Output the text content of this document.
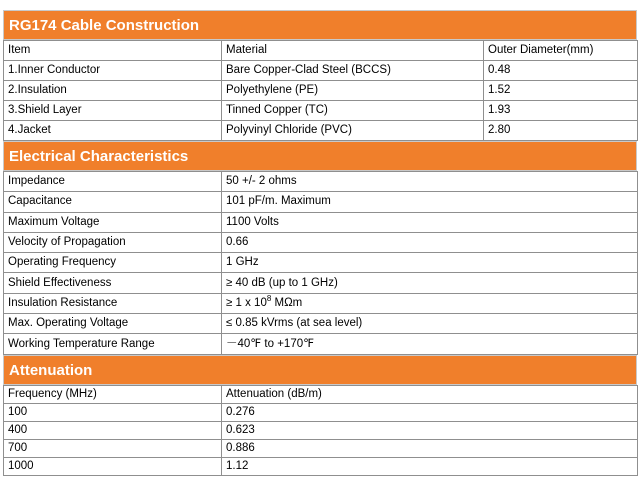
RG174 Cable Construction
Item	Material	Outer Diameter(mm)
1.Inner Conductor	Bare Copper-Clad Steel (BCCS)	0.48
2.Insulation	Polyethylene (PE)	1.52
3.Shield Layer	Tinned Copper (TC)	1.93
4.Jacket	Polyvinyl Chloride (PVC)	2.80
Electrical Characteristics
Impedance	50 +/- 2 ohms
Capacitance	101 pF/m. Maximum
Maximum Voltage	1100 Volts
Velocity of Propagation	0.66
Operating Frequency	1 GHz
Shield Effectiveness	≥ 40 dB (up to 1 GHz)
Insulation Resistance	≥ 1 x $10^8$ MΩm
Max. Operating Voltage	≤ 0.85 kVrms (at sea level)
Working Temperature Range	－40℉ to +170℉
Attenuation
Frequency (MHz)	Attenuation (dB/m)
100	0.276
400	0.623
700	0.886
1000	1.12
